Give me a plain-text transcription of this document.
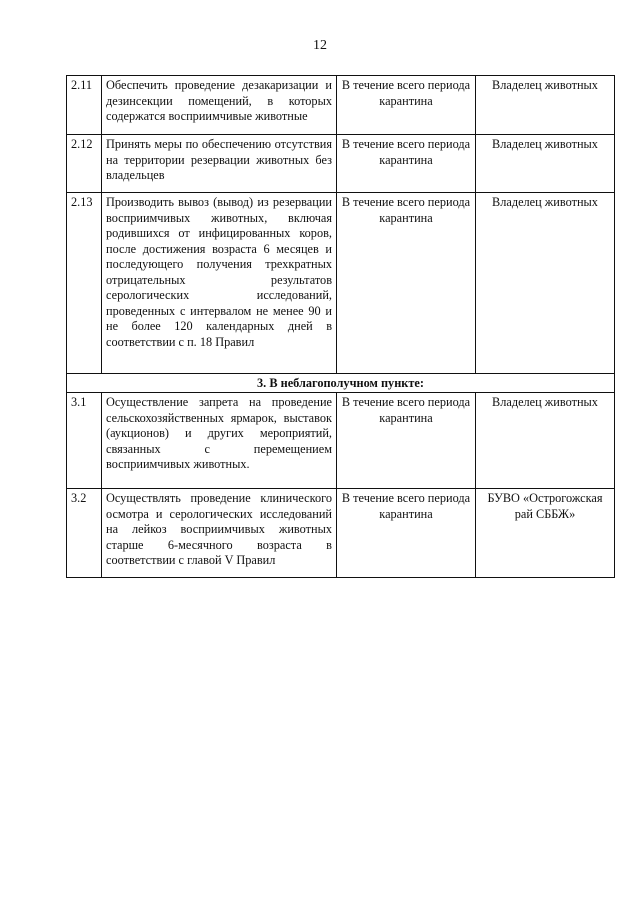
12
2.11	Обеспечить проведение дезакаризации и дезинсекции помещений, в которых содержатся восприимчивые животные	В течение всего периода карантина	Владелец животных
2.12	Принять меры по обеспечению отсутствия на территории резервации животных без владельцев	В течение всего периода карантина	Владелец животных
2.13	Производить вывоз (вывод) из резервации восприимчивых животных, включая родившихся от инфицированных коров, после достижения возраста 6 месяцев и последующего получения трехкратных отрицательных результатов серологических исследований, проведенных с интервалом не менее 90 и не более 120 календарных дней в соответствии с п. 18 Правил	В течение всего периода карантина	Владелец животных
3. В неблагополучном пункте:			
3.1	Осуществление запрета на проведение сельскохозяйственных ярмарок, выставок (аукционов) и других мероприятий, связанных с перемещением восприимчивых животных.	В течение всего периода карантина	Владелец животных
3.2	Осуществлять проведение клинического осмотра и серологических исследований на лейкоз восприимчивых животных старше 6-месячного возраста в соответствии с главой V Правил	В течение всего периода карантина	БУВО «Острогожская рай СББЖ»
